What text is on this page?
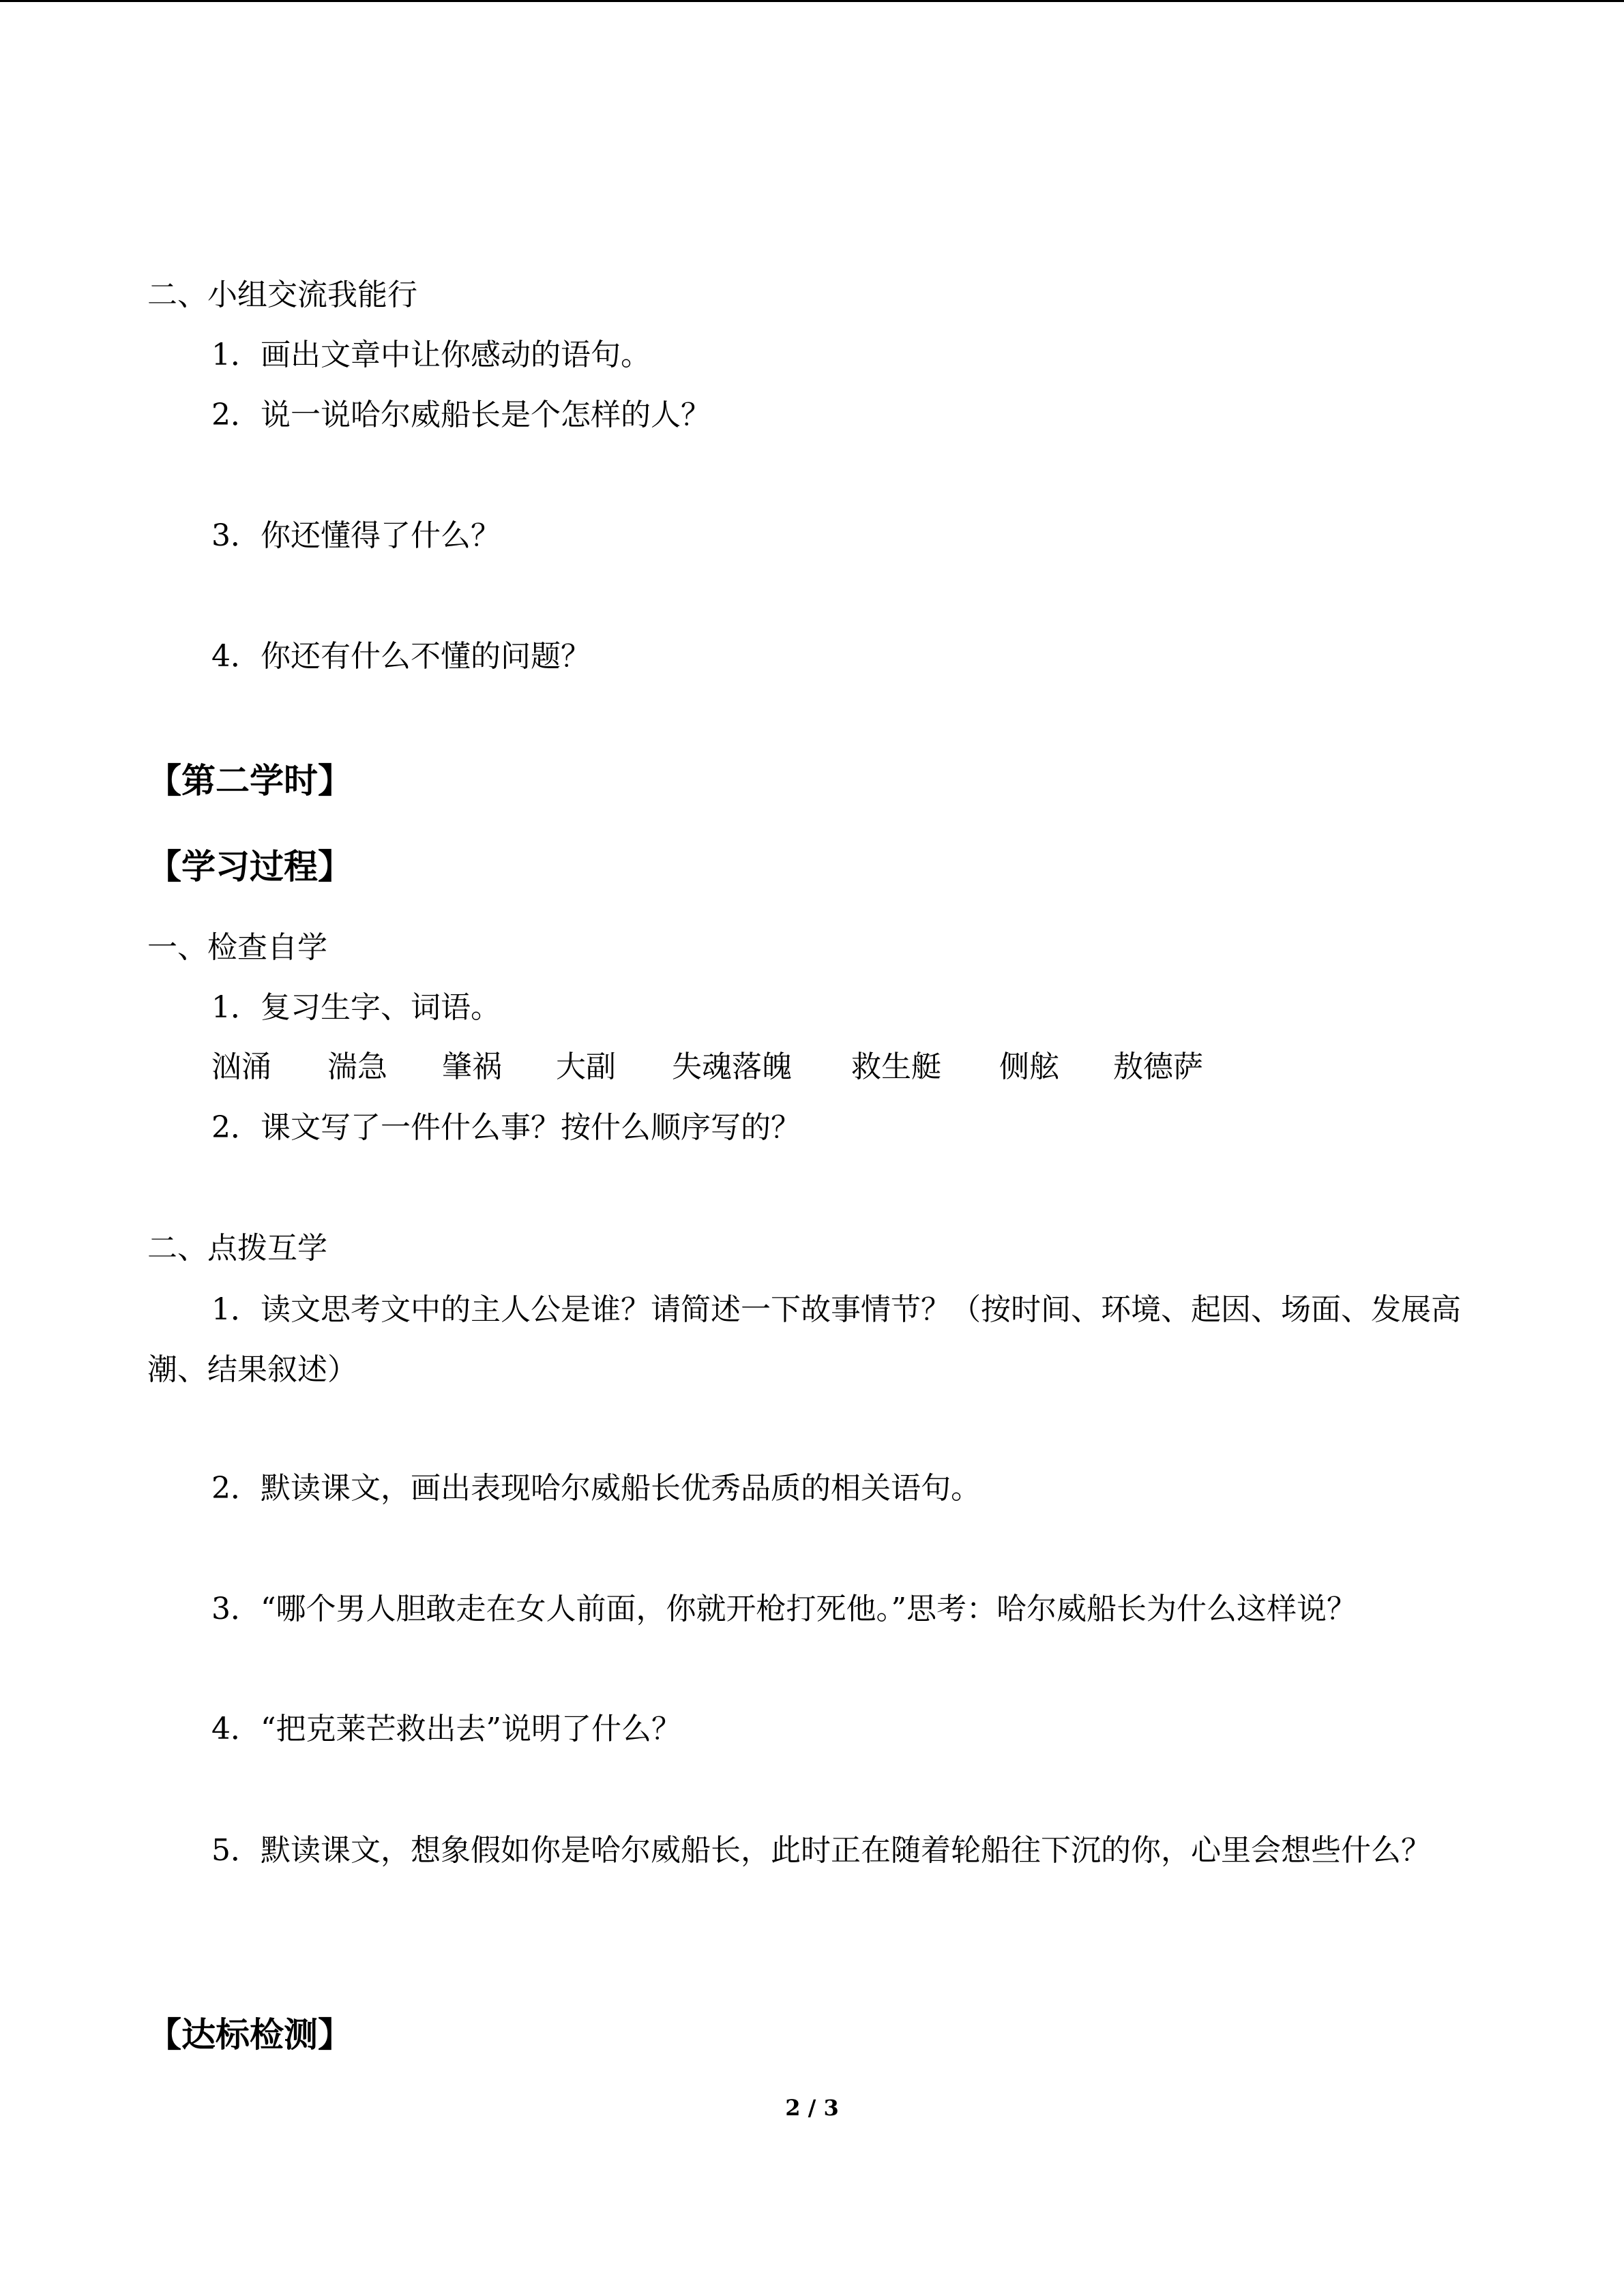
二、小组交流我能行
1．画出文章中让你感动的语句。
2．说一说哈尔威船长是个怎样的人？
3．你还懂得了什么？
4．你还有什么不懂的问题？
【第二学时】
【学习过程】
一、检查自学
1．复习生字、词语。
汹涌 湍急 肇祸 大副 失魂落魄 救生艇 侧舷 敖德萨
2．课文写了一件什么事？按什么顺序写的？
二、点拨互学
1．读文思考文中的主人公是谁？请简述一下故事情节？（按时间、环境、起因、场面、发展高潮、结果叙述）
2．默读课文，画出表现哈尔威船长优秀品质的相关语句。
3．“哪个男人胆敢走在女人前面，你就开枪打死他。”思考：哈尔威船长为什么这样说？
4．“把克莱芒救出去”说明了什么？
5．默读课文，想象假如你是哈尔威船长，此时正在随着轮船往下沉的你，心里会想些什么？
【达标检测】
2 / 3
